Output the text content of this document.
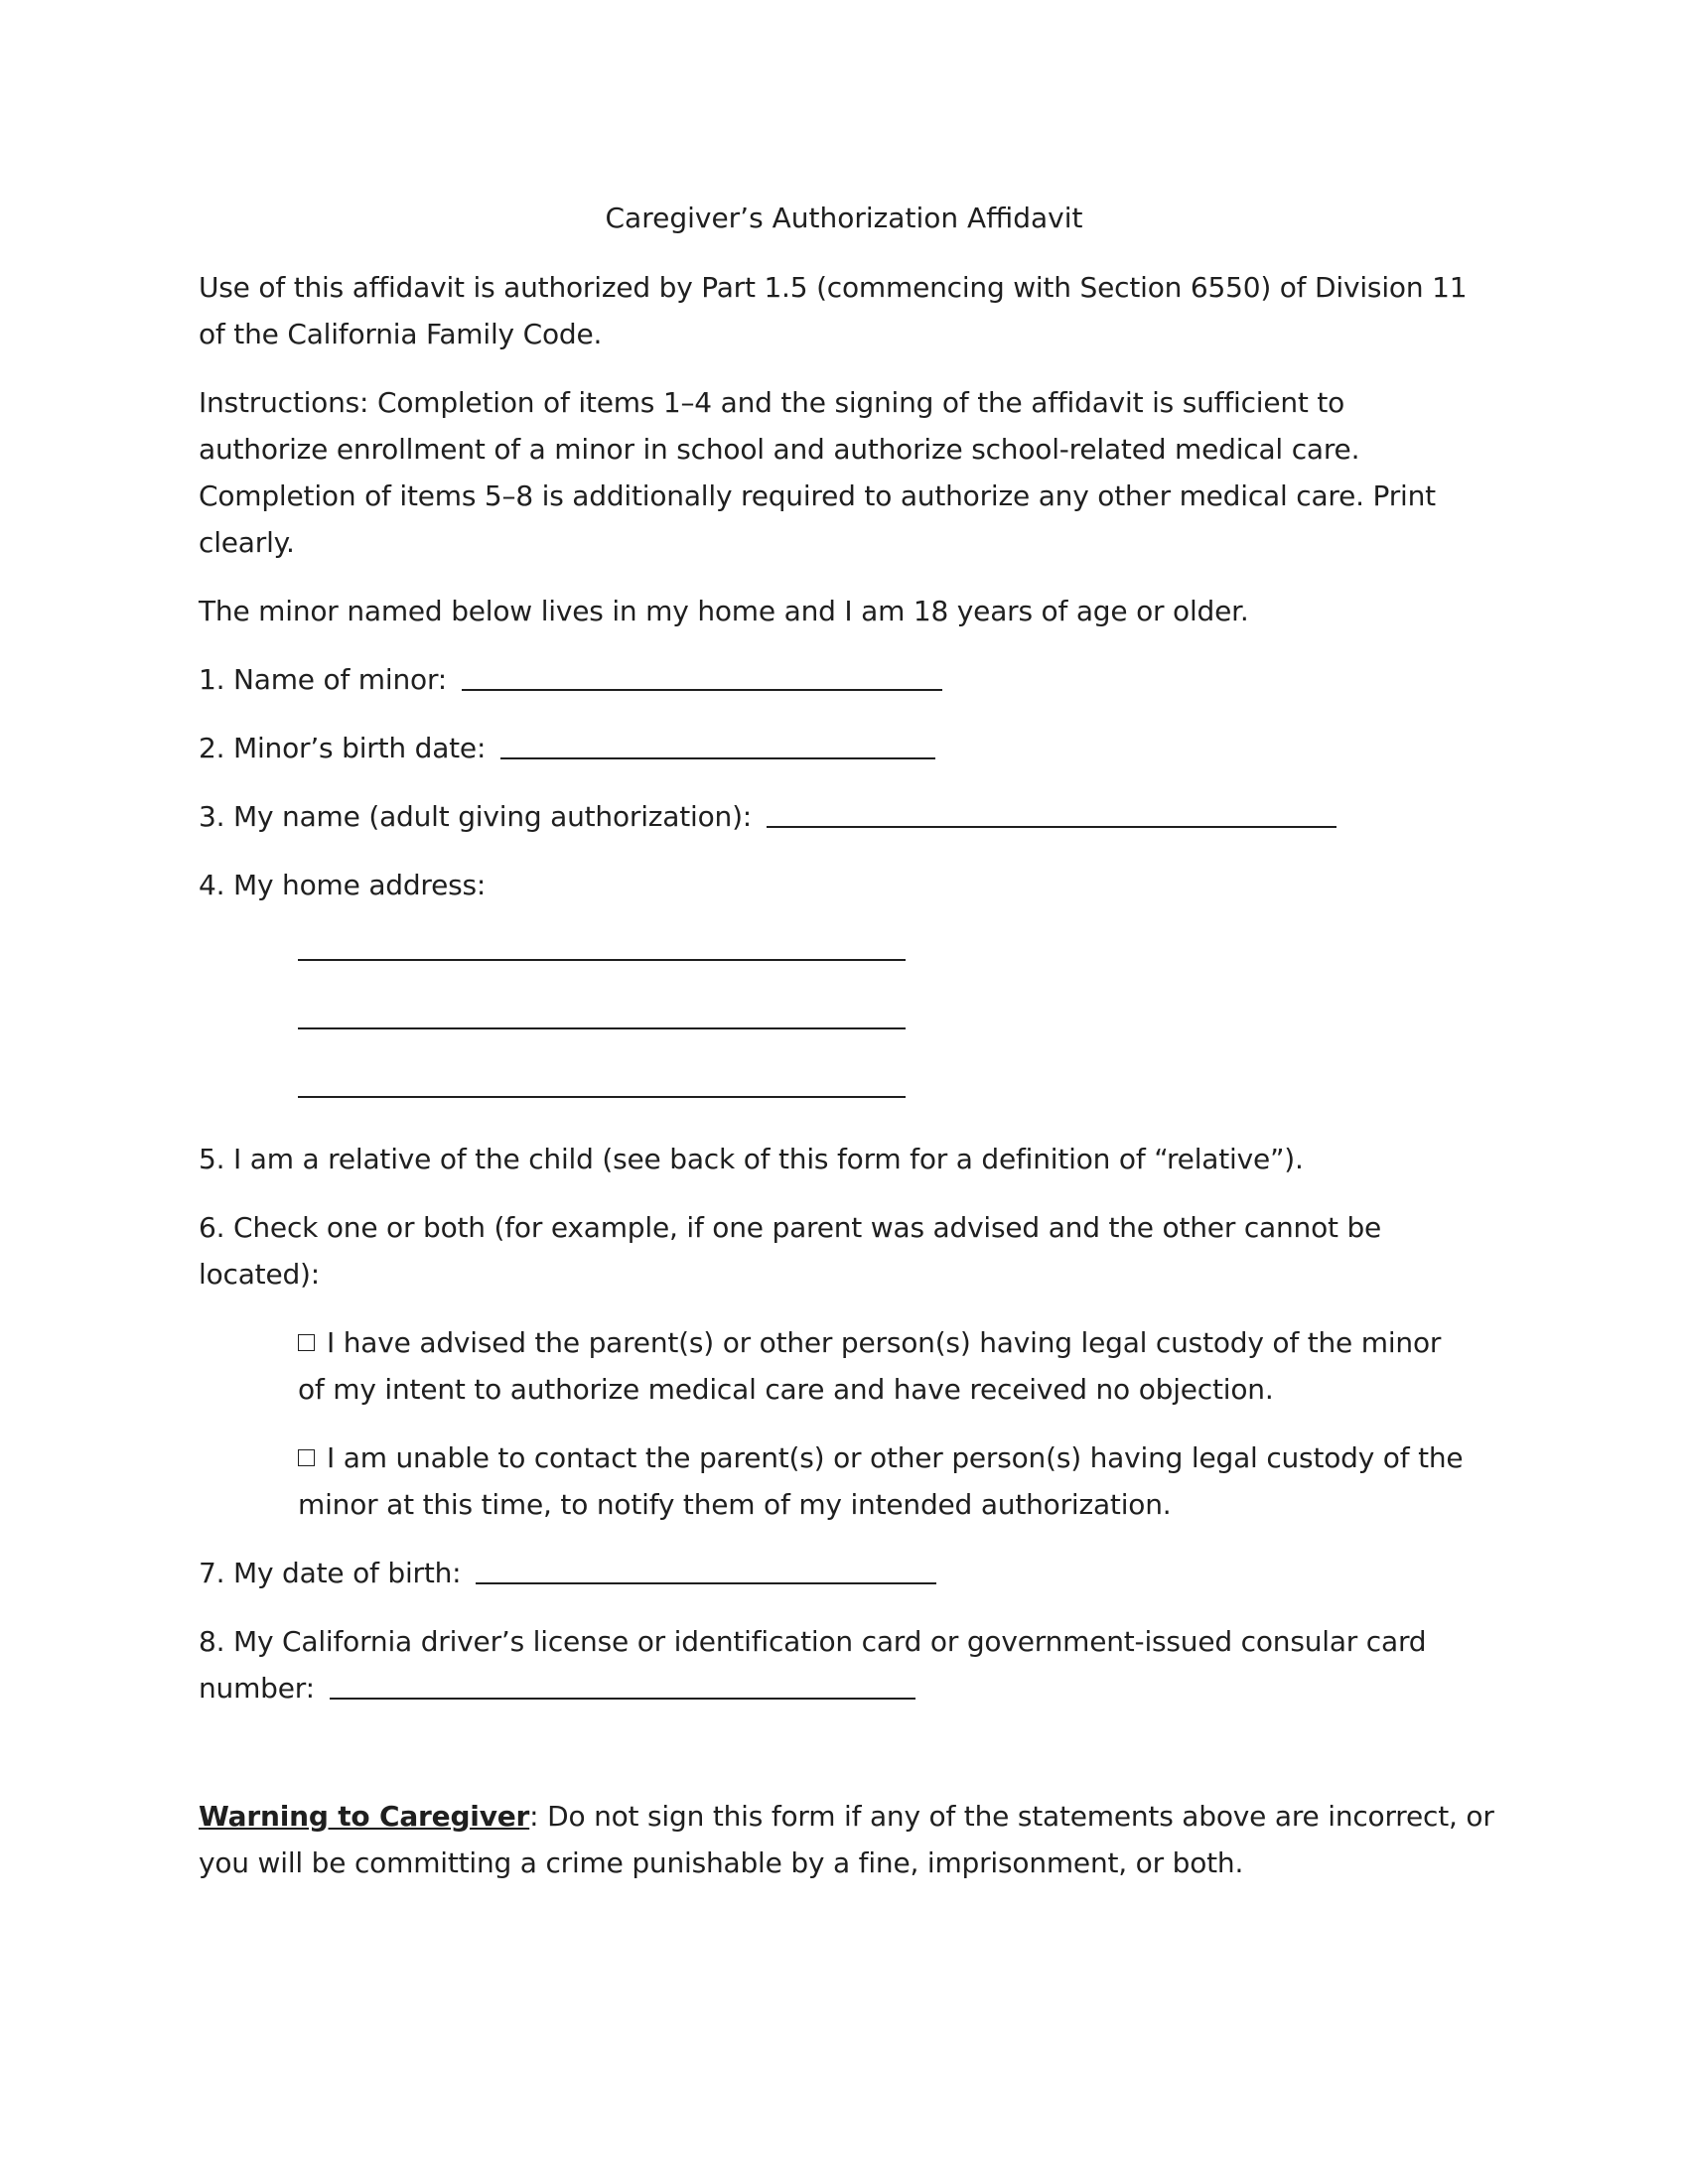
Caregiver’s Authorization Affidavit
Use of this affidavit is authorized by Part 1.5 (commencing with Section 6550) of Division 11
of the California Family Code.
Instructions: Completion of items 1–4 and the signing of the affidavit is sufficient to
authorize enrollment of a minor in school and authorize school-related medical care.
Completion of items 5–8 is additionally required to authorize any other medical care. Print
clearly.
The minor named below lives in my home and I am 18 years of age or older.
1. Name of minor:
2. Minor’s birth date:
3. My name (adult giving authorization):
4. My home address:
5. I am a relative of the child (see back of this form for a definition of “relative”).
6. Check one or both (for example, if one parent was advised and the other cannot be
located):
I have advised the parent(s) or other person(s) having legal custody of the minor
of my intent to authorize medical care and have received no objection.
I am unable to contact the parent(s) or other person(s) having legal custody of the
minor at this time, to notify them of my intended authorization.
7. My date of birth:
8. My California driver’s license or identification card or government-issued consular card
number:
Warning to Caregiver: Do not sign this form if any of the statements above are incorrect, or
you will be committing a crime punishable by a fine, imprisonment, or both.
